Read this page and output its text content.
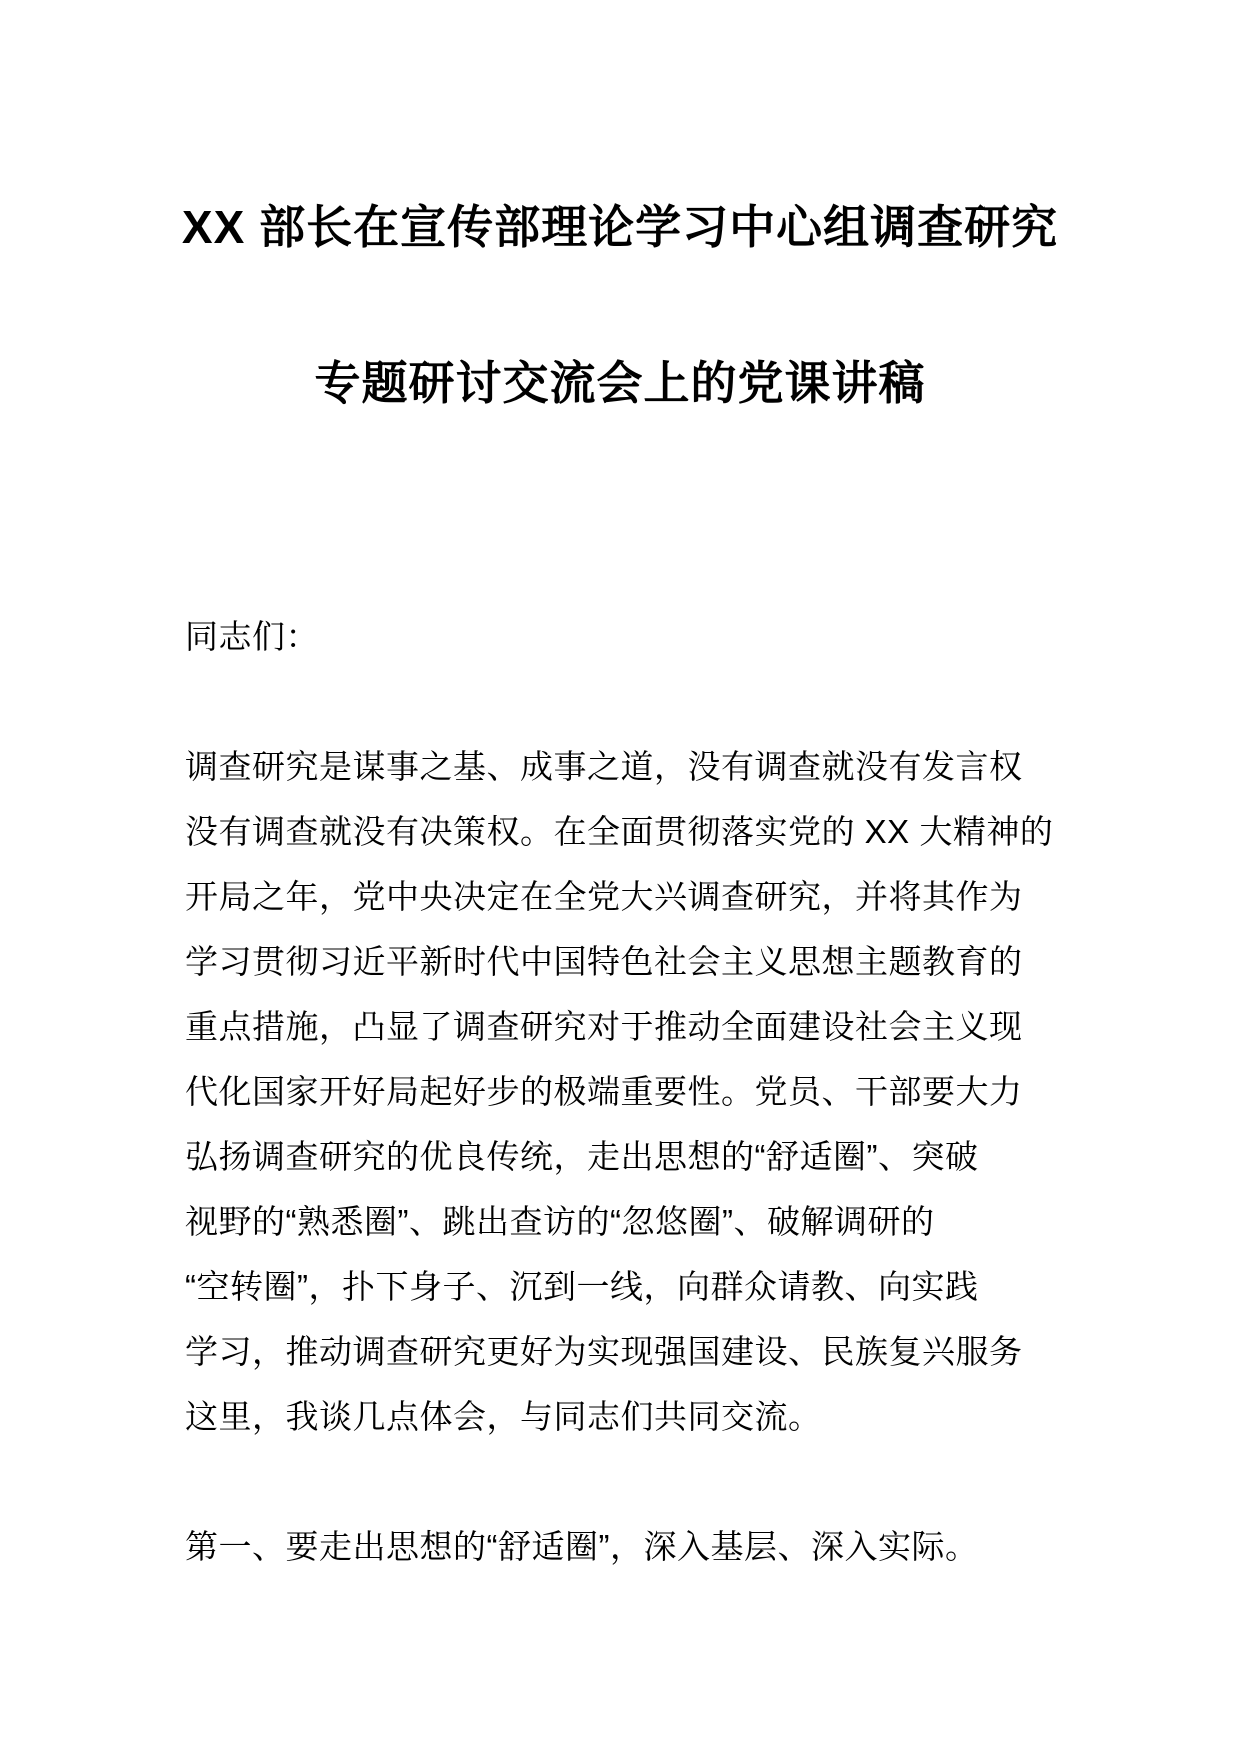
XX 部长在宣传部理论学习中心组调查研究
专题研讨交流会上的党课讲稿
同志们：
调查研究是谋事之基、成事之道，没有调查就没有发言权
没有调查就没有决策权。在全面贯彻落实党的 XX 大精神的
开局之年，党中央决定在全党大兴调查研究，并将其作为
学习贯彻习近平新时代中国特色社会主义思想主题教育的
重点措施，凸显了调查研究对于推动全面建设社会主义现
代化国家开好局起好步的极端重要性。党员、干部要大力
弘扬调查研究的优良传统，走出思想的“舒适圈”、突破
视野的“熟悉圈”、跳出查访的“忽悠圈”、破解调研的
“空转圈”，扑下身子、沉到一线，向群众请教、向实践
学习，推动调查研究更好为实现强国建设、民族复兴服务
这里，我谈几点体会，与同志们共同交流。
第一、要走出思想的“舒适圈”，深入基层、深入实际。
